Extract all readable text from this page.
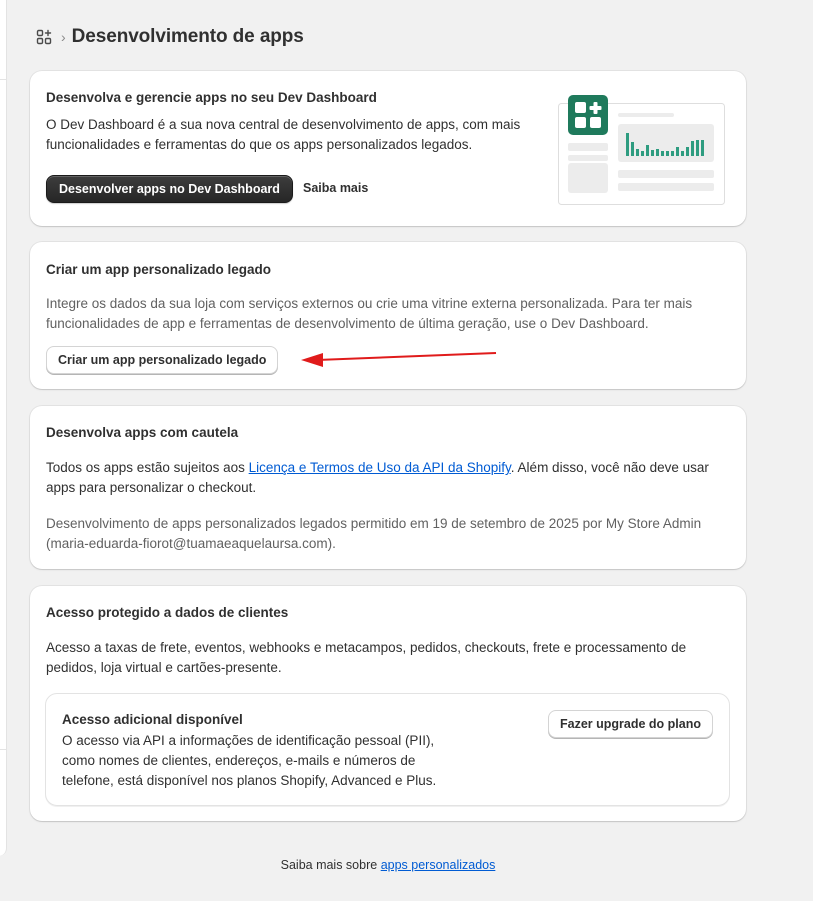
› Desenvolvimento de apps
Desenvolva e gerencie apps no seu Dev Dashboard
O Dev Dashboard é a sua nova central de desenvolvimento de apps, com mais
funcionalidades e ferramentas do que os apps personalizados legados.
Desenvolver apps no Dev Dashboard	Saiba mais
Criar um app personalizado legado
Integre os dados da sua loja com serviços externos ou crie uma vitrine externa personalizada. Para ter mais
funcionalidades de app e ferramentas de desenvolvimento de última geração, use o Dev Dashboard.
Criar um app personalizado legado
Desenvolva apps com cautela
Todos os apps estão sujeitos aos Licença e Termos de Uso da API da Shopify. Além disso, você não deve usar
apps para personalizar o checkout.
Desenvolvimento de apps personalizados legados permitido em 19 de setembro de 2025 por My Store Admin
(maria-eduarda-fiorot@tuamaeaquelaursa.com).
Acesso protegido a dados de clientes
Acesso a taxas de frete, eventos, webhooks e metacampos, pedidos, checkouts, frete e processamento de
pedidos, loja virtual e cartões-presente.
Acesso adicional disponível
O acesso via API a informações de identificação pessoal (PII),
como nomes de clientes, endereços, e-mails e números de
telefone, está disponível nos planos Shopify, Advanced e Plus.
Fazer upgrade do plano
Saiba mais sobre apps personalizados
